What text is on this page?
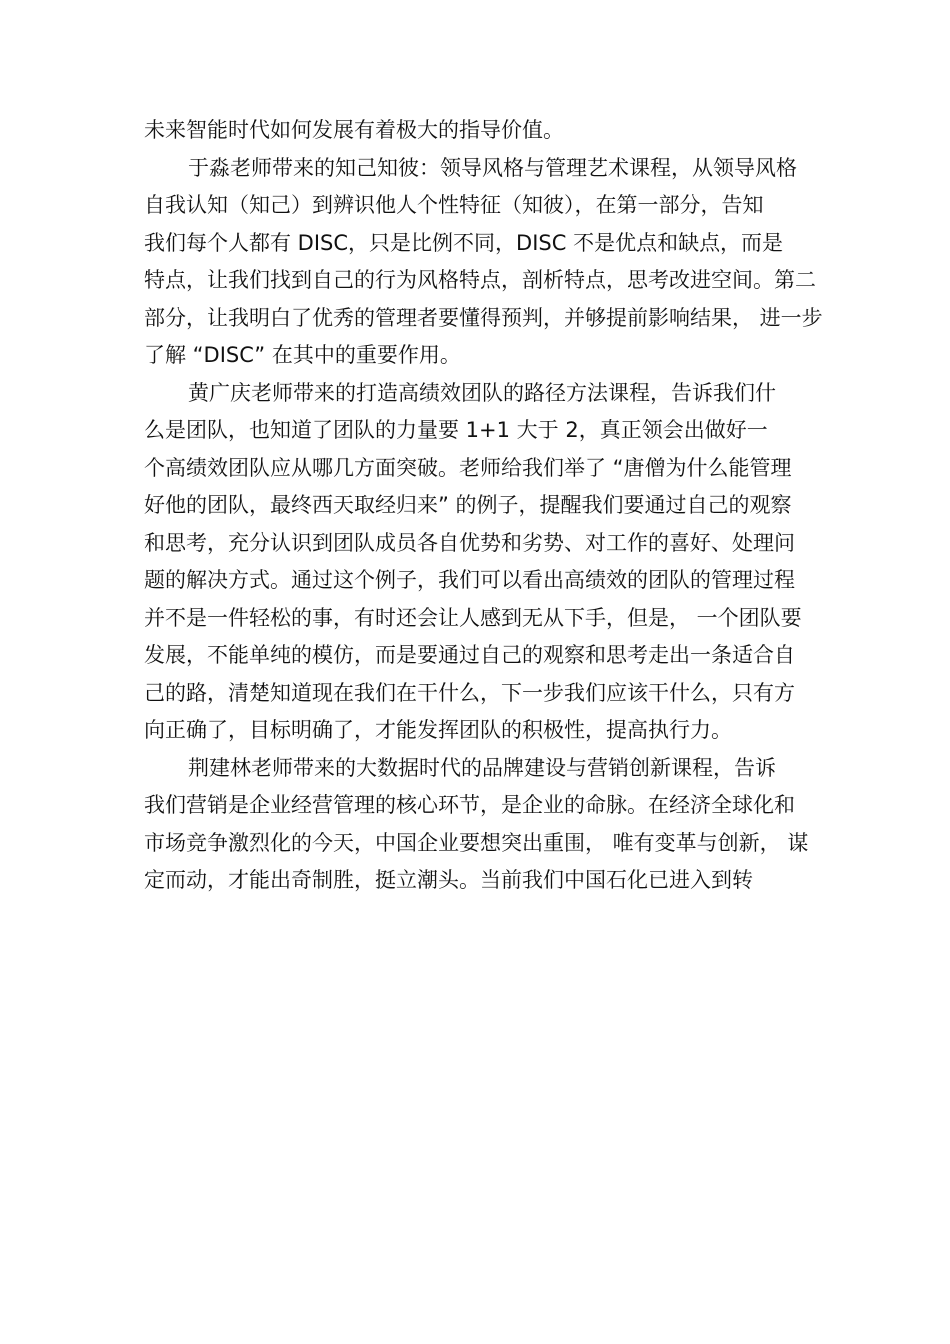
未来智能时代如何发展有着极大的指导价值。
于淼老师带来的知己知彼：领导风格与管理艺术课程，从领导风格
自我认知（知己）到辨识他人个性特征（知彼），在第一部分，告知
我们每个人都有 DISC，只是比例不同，DISC 不是优点和缺点，而是
特点，让我们找到自己的行为风格特点，剖析特点，思考改进空间。第二
部分，让我明白了优秀的管理者要懂得预判，并够提前影响结果， 进一步
了解 “DISC” 在其中的重要作用。
黄广庆老师带来的打造高绩效团队的路径方法课程，告诉我们什
么是团队，也知道了团队的力量要 1+1 大于 2，真正领会出做好一
个高绩效团队应从哪几方面突破。老师给我们举了 “唐僧为什么能管理
好他的团队，最终西天取经归来” 的例子，提醒我们要通过自己的观察
和思考，充分认识到团队成员各自优势和劣势、对工作的喜好、处理问
题的解决方式。通过这个例子，我们可以看出高绩效的团队的管理过程
并不是一件轻松的事，有时还会让人感到无从下手，但是， 一个团队要
发展，不能单纯的模仿，而是要通过自己的观察和思考走出一条适合自
己的路，清楚知道现在我们在干什么，下一步我们应该干什么，只有方
向正确了，目标明确了，才能发挥团队的积极性，提高执行力。
荆建林老师带来的大数据时代的品牌建设与营销创新课程，告诉
我们营销是企业经营管理的核心环节，是企业的命脉。在经济全球化和
市场竞争激烈化的今天，中国企业要想突出重围， 唯有变革与创新， 谋
定而动，才能出奇制胜，挺立潮头。当前我们中国石化已进入到转
